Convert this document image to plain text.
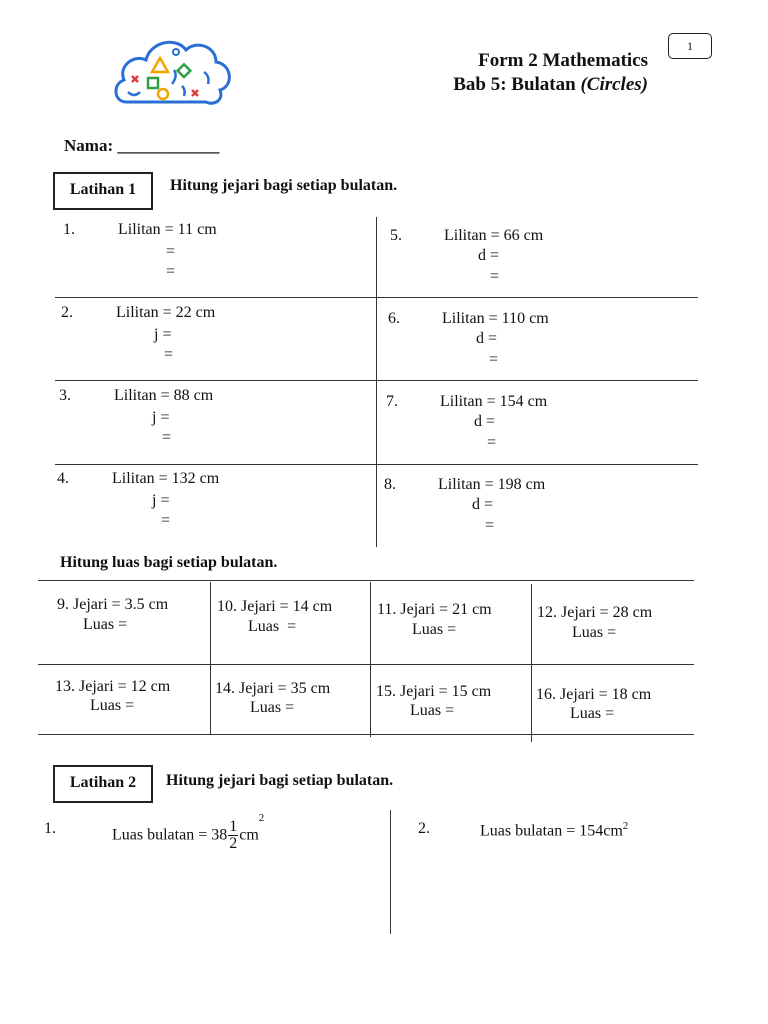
1
Form 2 Mathematics
Bab 5: Bulatan (Circles)
Nama: ____________
Latihan 1	Hitung jejari bagi setiap bulatan.
1.	Lilitan = 11 cm
=
=
2.	Lilitan = 22 cm
j =
=
3.	Lilitan = 88 cm
j =
=
4.	Lilitan = 132 cm
j =
=
5.	Lilitan = 66 cm
d =
=
6.	Lilitan = 110 cm
d =
=
7.	Lilitan = 154 cm
d =
=
8.	Lilitan = 198 cm
d =
=
Hitung luas bagi setiap bulatan.
9. Jejari = 3.5 cm
Luas =
10. Jejari = 14 cm
Luas  =
11. Jejari = 21 cm
Luas =
12. Jejari = 28 cm
Luas =
13. Jejari = 12 cm
Luas =
14. Jejari = 35 cm
Luas =
15. Jejari = 15 cm
Luas =
16. Jejari = 18 cm
Luas =
Latihan 2	Hitung jejari bagi setiap bulatan.
1.	Luas bulatan = $38 \frac{1}{2} cm^2$
2.	Luas bulatan = $154cm^2$
